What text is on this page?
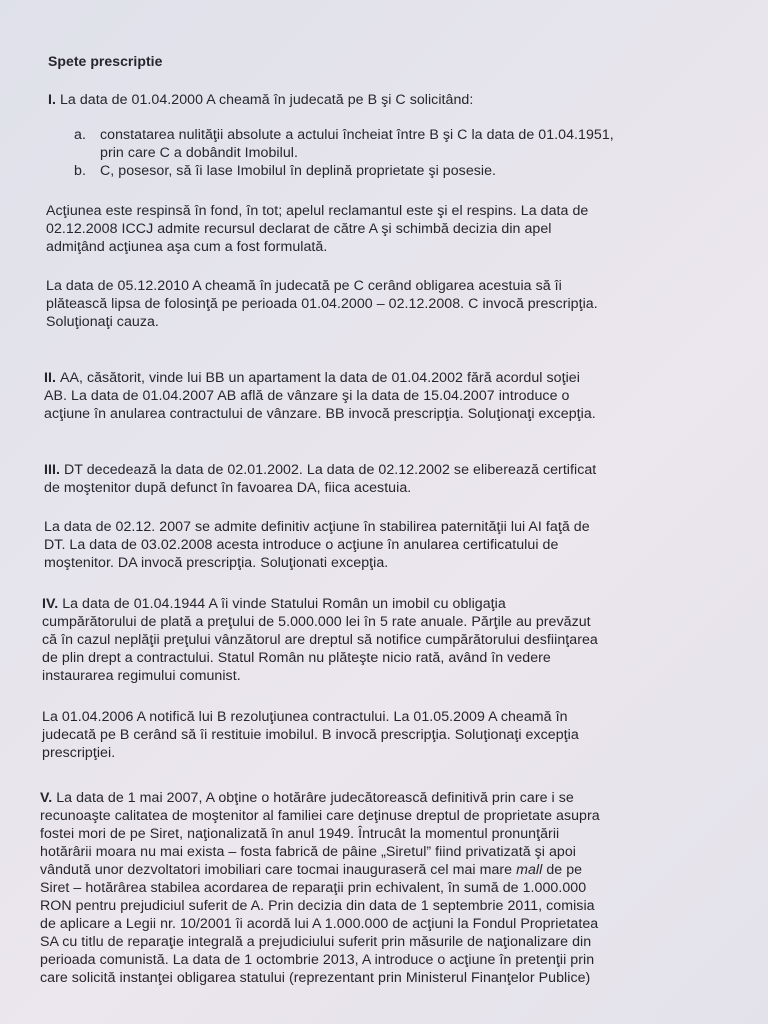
Spete prescriptie
I. La data de 01.04.2000 A cheamă în judecată pe B şi C solicitând:
a. constatarea nulităţii absolute a actului încheiat între B şi C la data de 01.04.1951,
prin care C a dobândit Imobilul.
b. C, posesor, să îi lase Imobilul în deplină proprietate şi posesie.
Acţiunea este respinsă în fond, în tot; apelul reclamantul este şi el respins. La data de
02.12.2008 ICCJ admite recursul declarat de către A şi schimbă decizia din apel
admiţând acţiunea aşa cum a fost formulată.
La data de 05.12.2010 A cheamă în judecată pe C cerând obligarea acestuia să îi
plătească lipsa de folosinţă pe perioada 01.04.2000 – 02.12.2008. C invocă prescripţia.
Soluţionaţi cauza.
II. AA, căsătorit, vinde lui BB un apartament la data de 01.04.2002 fără acordul soţiei
AB. La data de 01.04.2007 AB află de vânzare şi la data de 15.04.2007 introduce o
acţiune în anularea contractului de vânzare. BB invocă prescripţia. Soluţionaţi excepţia.
III. DT decedează la data de 02.01.2002. La data de 02.12.2002 se eliberează certificat
de moştenitor după defunct în favoarea DA, fiica acestuia.
La data de 02.12. 2007 se admite definitiv acţiune în stabilirea paternităţii lui AI faţă de
DT. La data de 03.02.2008 acesta introduce o acţiune în anularea certificatului de
moştenitor. DA invocă prescripţia. Soluţionati excepţia.
IV. La data de 01.04.1944 A îi vinde Statului Român un imobil cu obligaţia
cumpărătorului de plată a preţului de 5.000.000 lei în 5 rate anuale. Părţile au prevăzut
că în cazul neplăţii preţului vânzătorul are dreptul să notifice cumpărătorului desfiinţarea
de plin drept a contractului. Statul Român nu plăteşte nicio rată, având în vedere
instaurarea regimului comunist.
La 01.04.2006 A notifică lui B rezoluţiunea contractului. La 01.05.2009 A cheamă în
judecată pe B cerând să îi restituie imobilul. B invocă prescripţia. Soluţionaţi excepţia
prescripţiei.
V. La data de 1 mai 2007, A obţine o hotărâre judecătorească definitivă prin care i se
recunoaşte calitatea de moştenitor al familiei care deţinuse dreptul de proprietate asupra
fostei mori de pe Siret, naţionalizată în anul 1949. Întrucât la momentul pronunţării
hotărârii moara nu mai exista – fosta fabrică de pâine „Siretul” fiind privatizată şi apoi
vândută unor dezvoltatori imobiliari care tocmai inauguraseră cel mai mare mall de pe
Siret – hotărârea stabilea acordarea de reparaţii prin echivalent, în sumă de 1.000.000
RON pentru prejudiciul suferit de A. Prin decizia din data de 1 septembrie 2011, comisia
de aplicare a Legii nr. 10/2001 îi acordă lui A 1.000.000 de acţiuni la Fondul Proprietatea
SA cu titlu de reparaţie integrală a prejudiciului suferit prin măsurile de naţionalizare din
perioada comunistă. La data de 1 octombrie 2013, A introduce o acţiune în pretenţii prin
care solicită instanţei obligarea statului (reprezentant prin Ministerul Finanţelor Publice)
